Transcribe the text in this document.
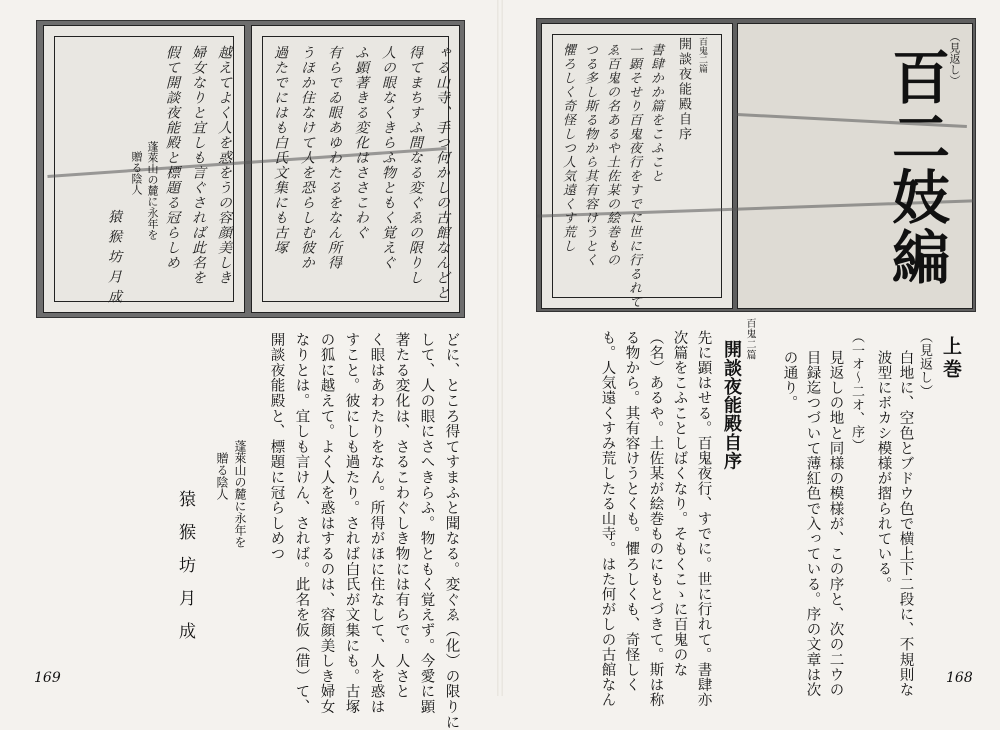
ゃる山寺、手つ何かしの古館なんどと
得てまちすふ間なる変ぐゑの限りし
人の眼なくきらふ物ともく覚えぐ
ふ顕著きる変化はささこわぐ
有らでゐ眼あゆわたるをなん所得
うほか住なけて人を恐らしむ彼か
過たでにはも白氏文集にも古塚
越えてよく人を惑をうの容顔美しき
婦女なりと宜しも言ぐされば此名を
假て開談夜能殿と標題る冠らしめ
蓬萊山の麓に永年を
贈る陰人
猿猴坊月成
どに、ところ得てすまふと聞なる。変ぐゑ（化）の限りに
して、人の眼にさへきらふ。物ともく覚えず。今愛に顕
著たる変化は、さるこわぐしき物には有らで。人さと
く眼はあわたりをなん。所得がほに住なして、人を惑は
すこと。彼にしも過たり。されば白氏が文集にも。古塚
の狐に越えて。よく人を惑はするのは、容顔美しき婦女
なりとは。宜しも言けん、されば。此名を仮（借）て、
開談夜能殿と、標題に冠らしめつ
蓬萊山の麓に永年を
贈る陰人
猿猴坊月成
169
百鬼二篇
開談夜能殿自序
書肆かか篇をこふこと
一顕そせり百鬼夜行をすでに世に行るれて
ゑ百鬼の名あるや土佐某の絵巻もの
つる多し斯る物から其有容けうとく
懼ろしく奇怪しつ人気遠くす荒し	（見返し）
百二妓編
上巻
（見返し）
白地に、空色とブドウ色で横上下二段に、不規則な
波型にボカシ模様が摺られている。
（一オ～二オ、序）
見返しの地と同様の模様が、この序と、次の二ウの
目録迄つづいて薄紅色で入っている。序の文章は次
の通り。
百鬼二篇
開談夜能殿自序
先に顕はせる。百鬼夜行、すでに。世に行れて。書肆亦
次篇をこふことしばくなり。そもくこゝに百鬼のな
（名）あるや。土佐某が絵巻ものにもとづきて。斯は称
る物から。其有容けうとくも。懼ろしくも、奇怪しく
も。人気遠くすみ荒したる山寺。はた何がしの古館なん	168
